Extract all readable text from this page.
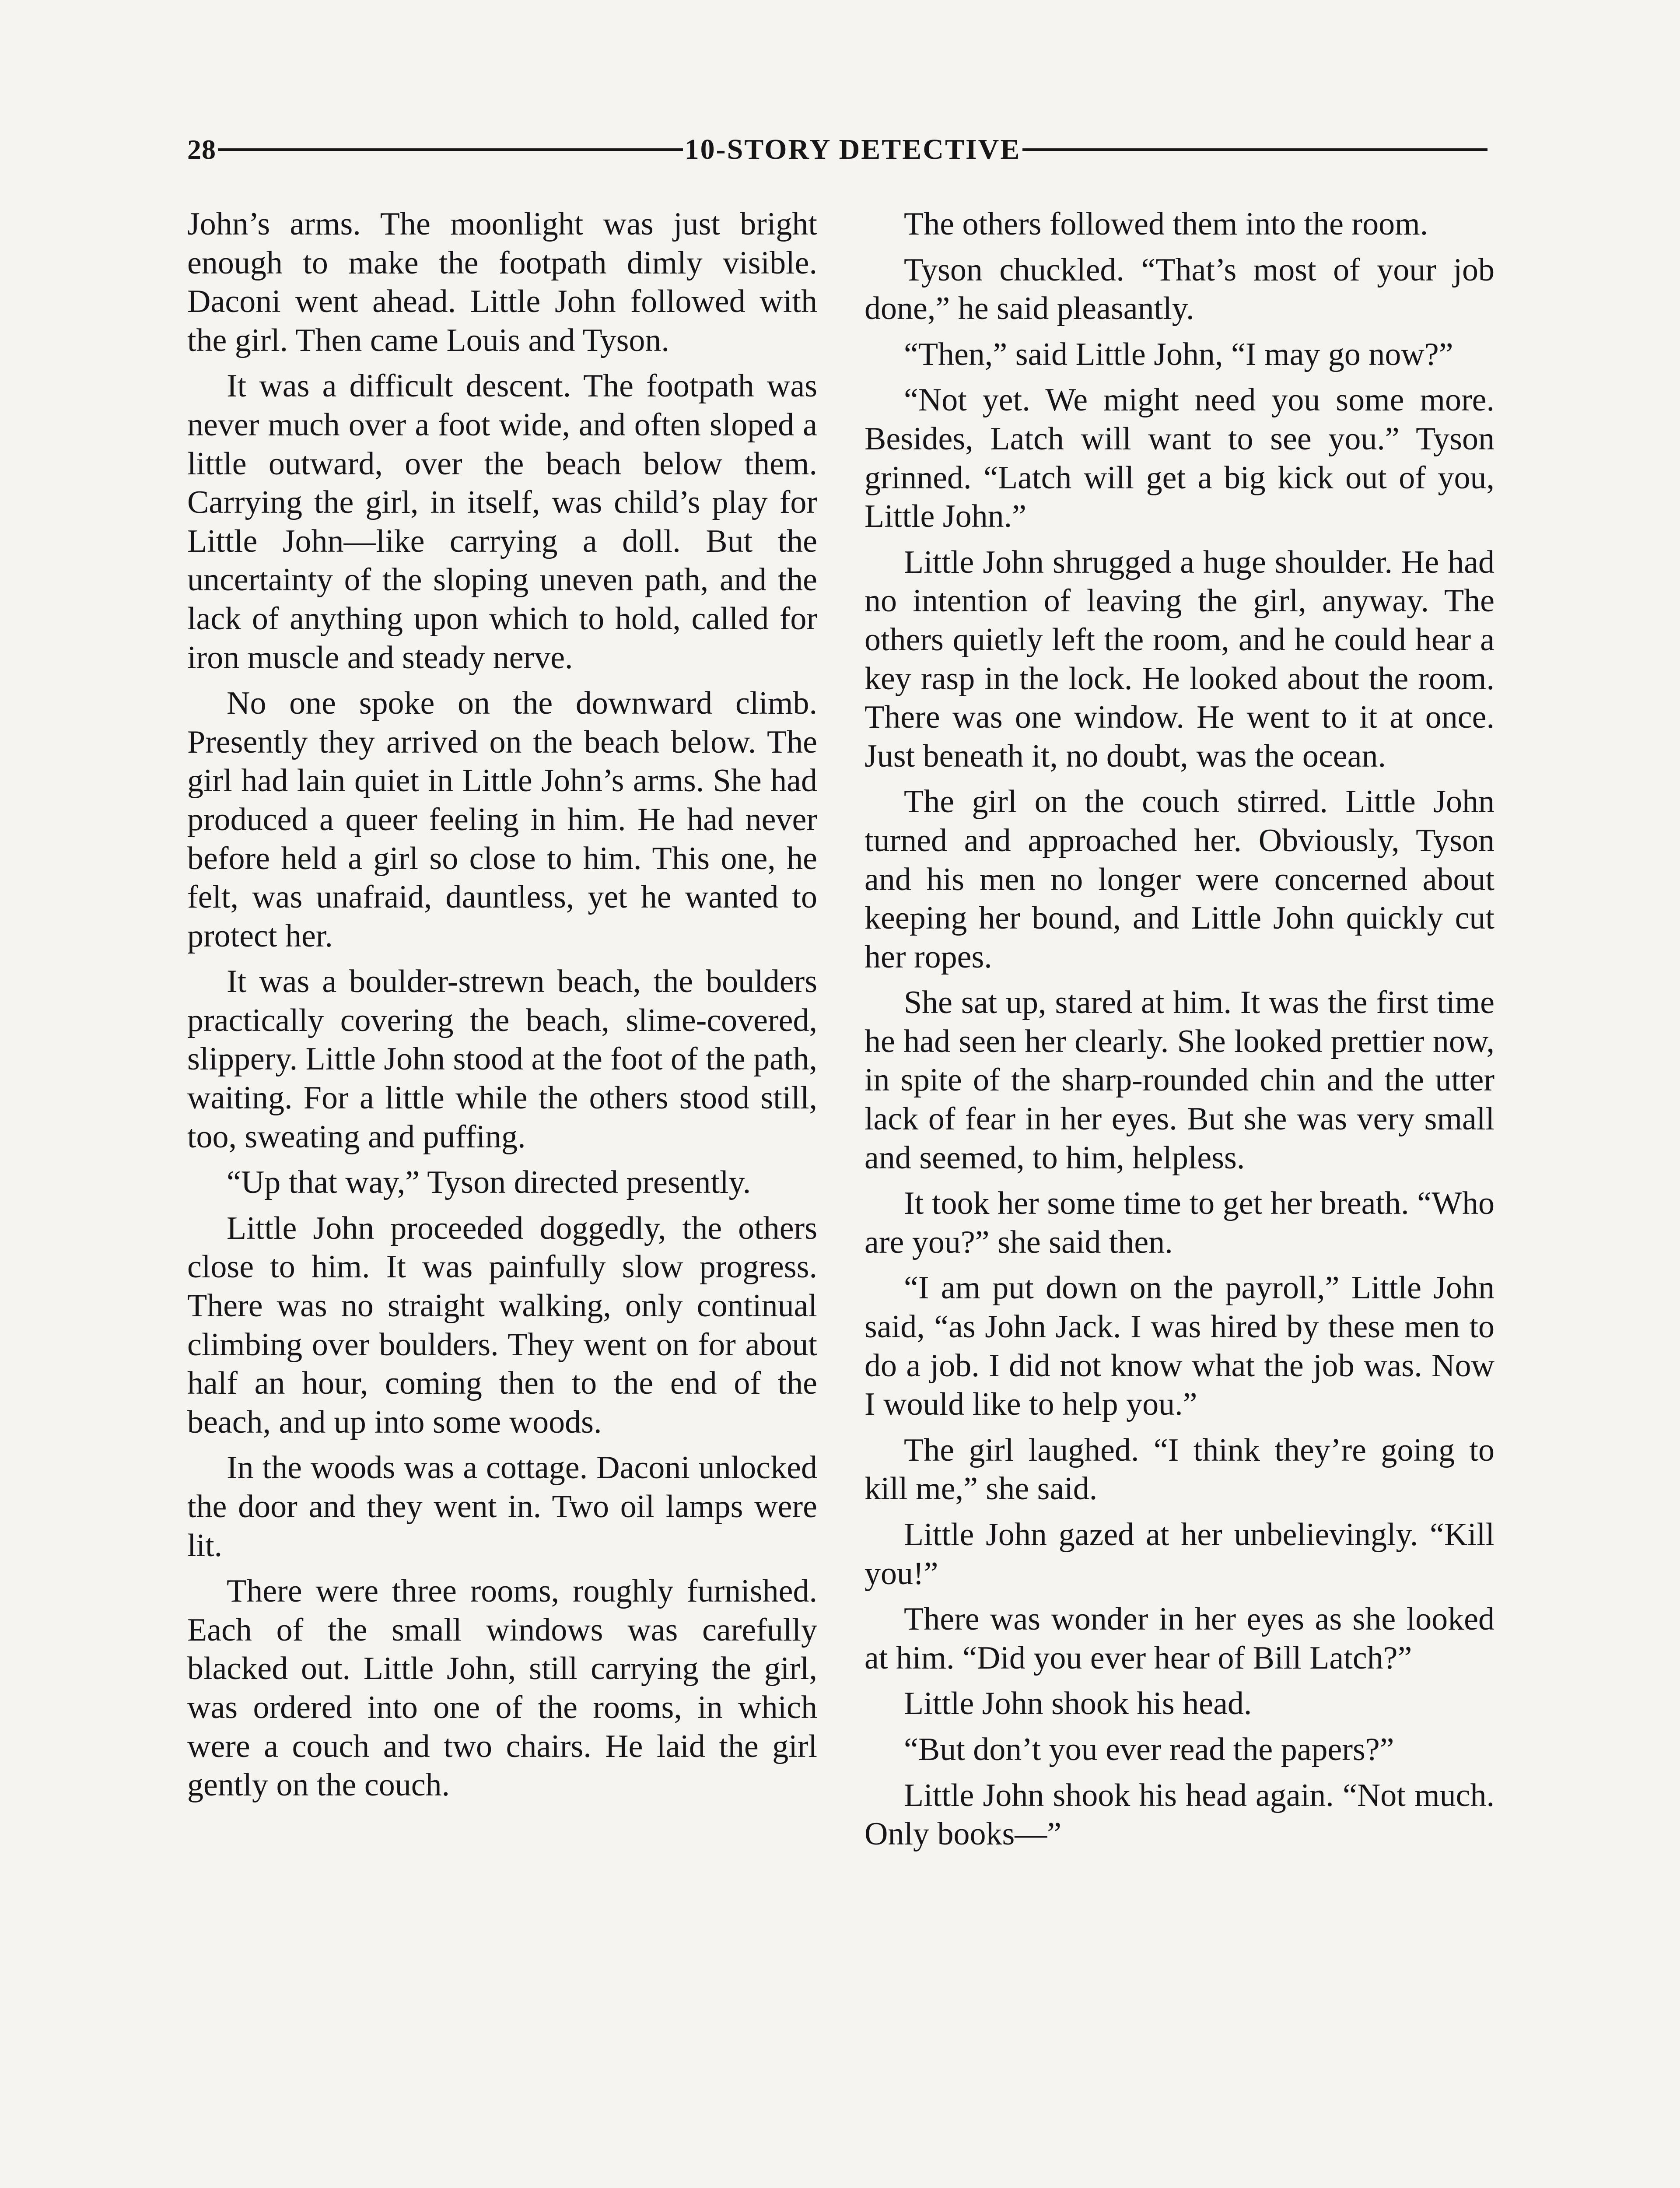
28	10-STORY DETECTIVE

John’s arms. The moonlight was just bright enough to make the footpath dimly visible. Daconi went ahead. Little John followed with the girl. Then came Louis and Tyson.

It was a difficult descent. The footpath was never much over a foot wide, and often sloped a little outward, over the beach below them. Carrying the girl, in itself, was child’s play for Little John—like carrying a doll. But the uncertainty of the sloping uneven path, and the lack of anything upon which to hold, called for iron muscle and steady nerve.

No one spoke on the downward climb. Presently they arrived on the beach below. The girl had lain quiet in Little John’s arms. She had produced a queer feeling in him. He had never before held a girl so close to him. This one, he felt, was unafraid, dauntless, yet he wanted to protect her.

It was a boulder-strewn beach, the boulders practically covering the beach, slime-covered, slippery. Little John stood at the foot of the path, waiting. For a little while the others stood still, too, sweating and puffing.

“Up that way,” Tyson directed presently.

Little John proceeded doggedly, the others close to him. It was painfully slow progress. There was no straight walking, only continual climbing over boulders. They went on for about half an hour, coming then to the end of the beach, and up into some woods.

In the woods was a cottage. Daconi unlocked the door and they went in. Two oil lamps were lit.

There were three rooms, roughly furnished. Each of the small windows was carefully blacked out. Little John, still carrying the girl, was ordered into one of the rooms, in which were a couch and two chairs. He laid the girl gently on the couch.

The others followed them into the room.

Tyson chuckled. “That’s most of your job done,” he said pleasantly.

“Then,” said Little John, “I may go now?”

“Not yet. We might need you some more. Besides, Latch will want to see you.” Tyson grinned. “Latch will get a big kick out of you, Little John.”

Little John shrugged a huge shoulder. He had no intention of leaving the girl, anyway. The others quietly left the room, and he could hear a key rasp in the lock. He looked about the room. There was one window. He went to it at once. Just beneath it, no doubt, was the ocean.

The girl on the couch stirred. Little John turned and approached her. Obviously, Tyson and his men no longer were concerned about keeping her bound, and Little John quickly cut her ropes.

She sat up, stared at him. It was the first time he had seen her clearly. She looked prettier now, in spite of the sharp-rounded chin and the utter lack of fear in her eyes. But she was very small and seemed, to him, helpless.

It took her some time to get her breath. “Who are you?” she said then.

“I am put down on the payroll,” Little John said, “as John Jack. I was hired by these men to do a job. I did not know what the job was. Now I would like to help you.”

The girl laughed. “I think they’re going to kill me,” she said.

Little John gazed at her unbelievingly. “Kill you!”

There was wonder in her eyes as she looked at him. “Did you ever hear of Bill Latch?”

Little John shook his head.

“But don’t you ever read the papers?”

Little John shook his head again. “Not much. Only books—”
